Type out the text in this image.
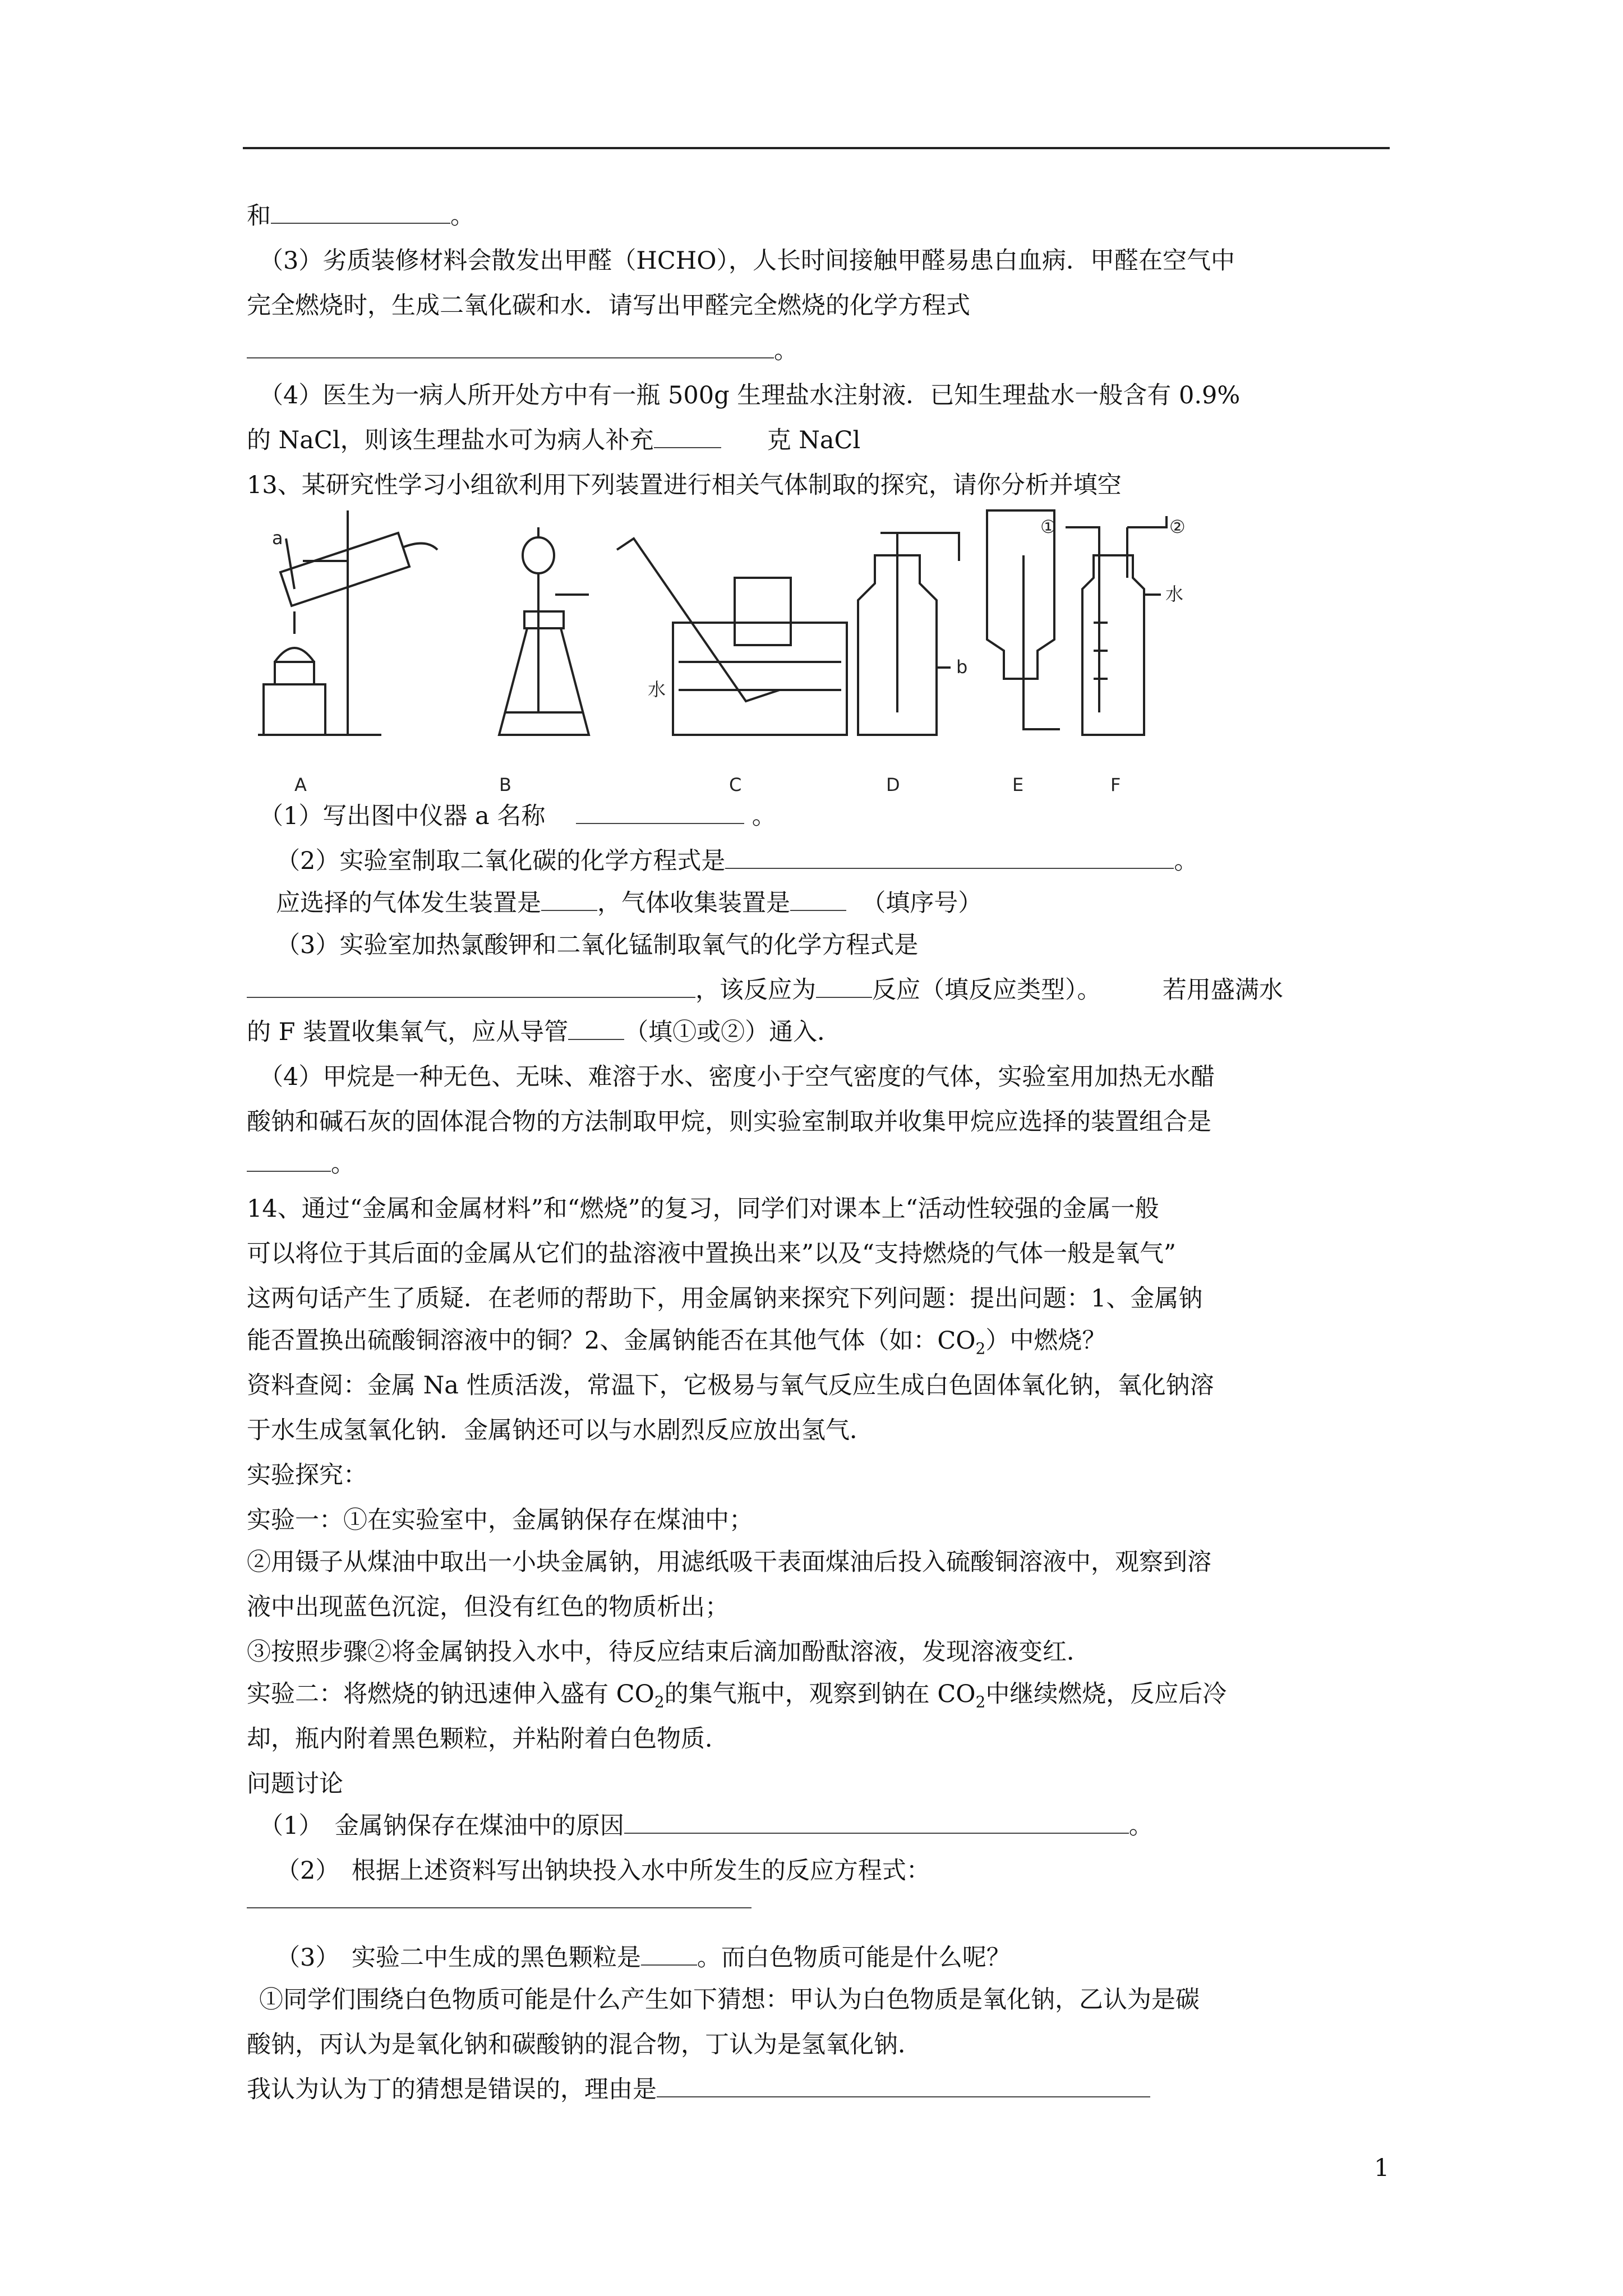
和	。
（3）劣质装修材料会散发出甲醛（HCHO），人长时间接触甲醛易患白血病．甲醛在空气中
完全燃烧时，生成二氧化碳和水．请写出甲醛完全燃烧的化学方程式
。
（4）医生为一病人所开处方中有一瓶 500g 生理盐水注射液．已知生理盐水一般含有 0.9%
的 NaCl，则该生理盐水可为病人补充	克 NaCl
13、某研究性学习小组欲利用下列装置进行相关气体制取的探究，请你分析并填空
a
b
水
水
①	②
A	B	C	D	E	F
（1）写出图中仪器 a 名称	。
（2）实验室制取二氧化碳的化学方程式是	。
应选择的气体发生装置是 ，气体收集装置是	（填序号）
（3）实验室加热氯酸钾和二氧化锰制取氧气的化学方程式是
，该反应为 反应（填反应类型）。	若用盛满水
的 F 装置收集氧气，应从导管 （填①或②）通入．
（4）甲烷是一种无色、无味、难溶于水、密度小于空气密度的气体，实验室用加热无水醋
酸钠和碱石灰的固体混合物的方法制取甲烷，则实验室制取并收集甲烷应选择的装置组合是
。
14、通过“金属和金属材料”和“燃烧”的复习，同学们对课本上“活动性较强的金属一般
可以将位于其后面的金属从它们的盐溶液中置换出来”以及“支持燃烧的气体一般是氧气”
这两句话产生了质疑．在老师的帮助下，用金属钠来探究下列问题：提出问题：1、金属钠
能否置换出硫酸铜溶液中的铜？2、金属钠能否在其他气体（如：$CO_2$）中燃烧？
资料查阅：金属 Na 性质活泼，常温下，它极易与氧气反应生成白色固体氧化钠，氧化钠溶
于水生成氢氧化钠．金属钠还可以与水剧烈反应放出氢气．
实验探究：
实验一：①在实验室中，金属钠保存在煤油中；
②用镊子从煤油中取出一小块金属钠，用滤纸吸干表面煤油后投入硫酸铜溶液中，观察到溶
液中出现蓝色沉淀，但没有红色的物质析出；
③按照步骤②将金属钠投入水中，待反应结束后滴加酚酞溶液，发现溶液变红．
实验二：将燃烧的钠迅速伸入盛有 $CO_2$的集气瓶中，观察到钠在 $CO_2$中继续燃烧，反应后冷
却，瓶内附着黑色颗粒，并粘附着白色物质．
问题讨论
（1）　金属钠保存在煤油中的原因	。
（2）　根据上述资料写出钠块投入水中所发生的反应方程式：
（3）　实验二中生成的黑色颗粒是 。而白色物质可能是什么呢？
①同学们围绕白色物质可能是什么产生如下猜想：甲认为白色物质是氧化钠，乙认为是碳
酸钠，丙认为是氧化钠和碳酸钠的混合物，丁认为是氢氧化钠．
我认为认为丁的猜想是错误的，理由是
1
